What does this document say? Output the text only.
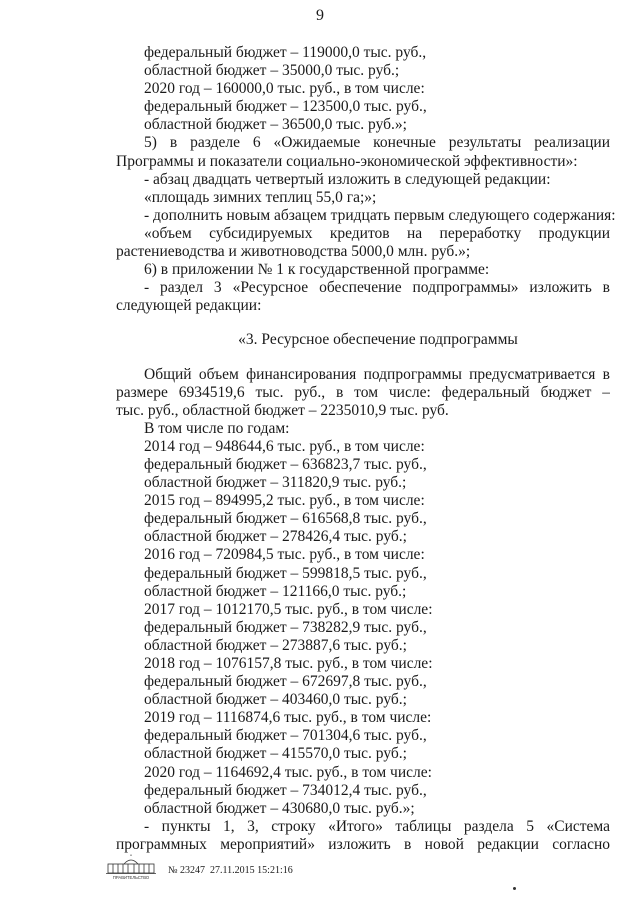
9
федеральный бюджет – 119000,0 тыс. руб.,
областной бюджет – 35000,0 тыс. руб.;
2020 год – 160000,0 тыс. руб., в том числе:
федеральный бюджет – 123500,0 тыс. руб.,
областной бюджет – 36500,0 тыс. руб.»;
5) в разделе 6 «Ожидаемые конечные результаты реализации
Программы и показатели социально-экономической эффективности»:
- абзац двадцать четвертый изложить в следующей редакции:
«площадь зимних теплиц 55,0 га;»;
- дополнить новым абзацем тридцать первым следующего содержания:
«объем субсидируемых кредитов на переработку продукции
растениеводства и животноводства 5000,0 млн. руб.»;
6) в приложении № 1 к государственной программе:
- раздел 3 «Ресурсное обеспечение подпрограммы» изложить в
следующей редакции:
«3. Ресурсное обеспечение подпрограммы
Общий объем финансирования подпрограммы предусматривается в
размере 6934519,6 тыс. руб., в том числе: федеральный бюджет –
тыс. руб., областной бюджет – 2235010,9 тыс. руб.
В том числе по годам:
2014 год – 948644,6 тыс. руб., в том числе:
федеральный бюджет – 636823,7 тыс. руб.,
областной бюджет – 311820,9 тыс. руб.;
2015 год – 894995,2 тыс. руб., в том числе:
федеральный бюджет – 616568,8 тыс. руб.,
областной бюджет – 278426,4 тыс. руб.;
2016 год – 720984,5 тыс. руб., в том числе:
федеральный бюджет – 599818,5 тыс. руб.,
областной бюджет – 121166,0 тыс. руб.;
2017 год – 1012170,5 тыс. руб., в том числе:
федеральный бюджет – 738282,9 тыс. руб.,
областной бюджет – 273887,6 тыс. руб.;
2018 год – 1076157,8 тыс. руб., в том числе:
федеральный бюджет – 672697,8 тыс. руб.,
областной бюджет – 403460,0 тыс. руб.;
2019 год – 1116874,6 тыс. руб., в том числе:
федеральный бюджет – 701304,6 тыс. руб.,
областной бюджет – 415570,0 тыс. руб.;
2020 год – 1164692,4 тыс. руб., в том числе:
федеральный бюджет – 734012,4 тыс. руб.,
областной бюджет – 430680,0 тыс. руб.»;
- пункты 1, 3, строку «Итого» таблицы раздела 5 «Система
программных мероприятий» изложить в новой редакции согласно
ПРАВИТЕЛЬСТВО
№ 23247 27.11.2015 15:21:16
